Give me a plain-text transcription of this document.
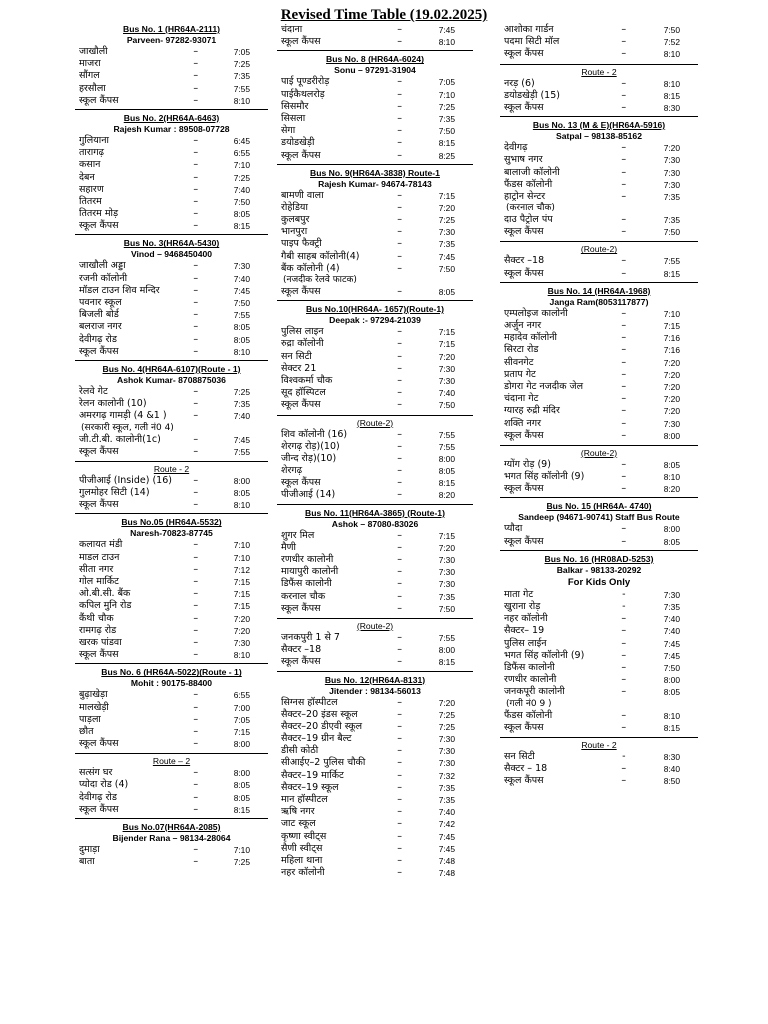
Revised Time Table (19.02.2025)
Bus No. 1 (HR64A-2111)
Parveen- 97282-93071
जाखौली	–	7:05
माजरा	–	7:25
सौंगल	–	7:35
हरसौला	–	7:55
स्कूल कैंपस	–	8:10
Bus No. 2(HR64A-6463)
Rajesh Kumar : 89508-07728
गुलियाना	–	6:45
तारागढ़	–	6:55
कसान	–	7:10
देबन	–	7:25
सहारण	–	7:40
तितरम	–	7:50
तितरम मोड़	–	8:05
स्कूल कैंपस	–	8:15
Bus No. 3(HR64A-5430)
Vinod – 9468450400
जाखौली अड्डा	–	7:30
रजनी कॉलोनी	–	7:40
मॉडल टाउन शिव मन्दिर	–	7:45
पवनार स्कूल	–	7:50
बिजली बोर्ड	–	7:55
बलराज नगर	–	8:05
देवीगढ़ रोड	–	8:05
स्कूल कैंपस	–	8:10
Bus No. 4(HR64A-6107)(Route - 1)
Ashok Kumar- 8708875036
रेलवे गेट	–	7:25
रेलन कालोनी (10)	–	7:35
अमरगढ़ गामड़ी (4 &1 )	–	7:40
(सरकारी स्कूल, गली नं0 4)
जी.टी.बी. कालोनी(1c)	–	7:45
स्कूल कैंपस	–	7:55
Route - 2
पीजीआई (Inside) (16) –	8:00
गुलमोहर सिटी (14)	–	8:05
स्कूल कैंपस	–	8:10
Bus No.05 (HR64A-5532)
Naresh-70823-87745
कलायत मंडी	–	7:10
माडल टाउन	–	7:10
सीता नगर	–	7:12
गोल मार्किट	–	7:15
ओ.बी.सी. बैंक	–	7:15
कपिल मुनि रोड	–	7:15
कैंथी चौक	–	7:20
रामगढ़ रोड	–	7:20
खरक पांडवा	–	7:30
स्कूल कैंपस	–	8:10
Bus No. 6 (HR64A-5022)(Route - 1)
Mohit : 90175-88400
बुढ़ाखेड़ा	–	6:55
मालखेड़ी	–	7:00
पाड़ला	–	7:05
छौत	–	7:15
स्कूल कैंपस	–	8:00
Route – 2
सत्संग घर	–	8:00
प्योदा रोड (4)	–	8:05
देवीगढ़ रोड	–	8:05
स्कूल कैंपस	–	8:15
Bus No.07(HR64A-2085)
Bijender Rana – 98134-28064
दुमाड़ा	–	7:10
बाता	–	7:25
चंदाना	–	7:45
स्कूल कैंपस	–	8:10
Bus No. 8 (HR64A-6024)
Sonu – 97291-31904
पाई पूण्डरीरोड़	–	7:05
पाईकैथलरोड़	–	7:10
सिसमौर	–	7:25
सिसला	–	7:35
सेगा	–	7:50
डयोडखेड़ी	–	8:15
स्कूल कैंपस	–	8:25
Bus No. 9(HR64A-3838) Route-1
Rajesh Kumar- 94674-78143
बामणी वाला	–	7:15
रोहेडिया	–	7:20
कुलबपुर	–	7:25
भानपुरा	–	7:30
पाइप फैक्ट्री	–	7:35
गैबी साहब कॉलोनी(4)	–	7:45
बैंक कॉलोनी (4)	–	7:50
(नजदीक रेलवे फाटक)
स्कूल कैंपस	–	8:05
Bus No.10(HR64A- 1657)(Route-1)
Deepak :- 97294-21039
पुलिस लाइन	–	7:15
रुद्रा कॉलोनी	–	7:15
सन सिटी	–	7:20
सेक्टर 21	–	7:30
विश्वकर्मा चौक	–	7:30
सूद हॉस्पिटल	–	7:40
स्कूल कैंपस	–	7:50
(Route-2)
शिव कॉलोनी (16)	–	7:55
शेरगढ़ रोड़)(10)	–	7:55
जीन्द रोड़)(10)	–	8:00
शेरगढ़	–	8:05
स्कूल कैंपस	–	8:15
पीजीआई (14)	–	8:20
Bus No. 11(HR64A-3865) (Route-1)
Ashok – 87080-83026
शुगर मिल	–	7:15
मैणी	–	7:20
रणधीर कालोनी	–	7:30
मायापुरी कालोनी	–	7:30
डिफैंस कालोनी	–	7:30
करनाल चौक	–	7:35
स्कूल कैंपस	–	7:50
(Route-2)
जनकपुरी 1 से 7	–	7:55
सैक्टर –18	–	8:00
स्कूल कैंपस	–	8:15
Bus No. 12(HR64A-8131)
Jitender : 98134-56013
सिग्नस हॉस्पीटल	–	7:20
सैक्टर–20 इंडस स्कूल	–	7:25
सैक्टर–20 डीएवी स्कूल	–	7:25
सैक्टर–19 ग्रीन बैल्ट	–	7:30
डीसी कोठी	–	7:30
सीआईए–2 पुलिस चौकी	–	7:30
सैक्टर–19 मार्किट	–	7:32
सैक्टर–19 स्कूल	–	7:35
मान हॉस्पीटल	–	7:35
ऋषि नगर	–	7:40
जाट स्कूल	–	7:42
कृष्णा स्वीट्स	–	7:45
सैणी स्वीट्स	–	7:45
महिला थाना	–	7:48
नहर कॉलोनी	–	7:48
आशोका गार्डन	–	7:50
पदमा सिटी मॉल	–	7:52
स्कूल कैंपस	–	8:10
Route - 2
नरड़ (6)	–	8:10
डयोडखेड़ी (15)	–	8:15
स्कूल कैंपस	–	8:30
Bus No. 13 (M & E)(HR64A-5916)
Satpal – 98138-85162
देवीगढ़	–	7:20
सुभाष नगर	–	7:30
बालाजी कॉलोनी	–	7:30
फैंडस कॉलोनी	–	7:30
हाट्रोन सेन्टर	–	7:35
(करनाल चौक)
दाउ पैट्रोल पंप	–	7:35
स्कूल कैंपस	–	7:50
(Route-2)
सैक्टर –18	–	7:55
स्कूल कैंपस	–	8:15
Bus No. 14 (HR64A-1968)
Janga Ram(8053117877)
एम्पलोइज कालोनी	–	7:10
अर्जुन नगर	–	7:15
महादेव कॉलोनी	–	7:16
सिरटा रोड	–	7:16
सीवनगेट	–	7:20
प्रताप गेट	–	7:20
डोगरा गेट नजदीक जेल	–	7:20
चंदाना गेट	–	7:20
ग्यारह रुद्री मंदिर	–	7:20
शक्ति नगर	–	7:30
स्कूल कैंपस	–	8:00
(Route-2)
ग्योंग रोड़ (9)	–	8:05
भगत सिंह कॉलोनी (9)	–	8:10
स्कूल कैंपस	–	8:20
Bus No. 15 (HR64A- 4740)
Sandeep (94671-90741) Staff Bus Route
प्यौदा	–	8:00
स्कूल कैंपस	–	8:05
Bus No. 16 (HR08AD-5253)
Balkar - 98133-20292
For Kids Only
माता गेट	-	7:30
खुराना रोड़	-	7:35
नहर कॉलोनी	–	7:40
सैक्टर– 19	–	7:40
पुलिस लाईन	–	7:45
भगत सिंह कॉलोनी (9)	–	7:45
डिफैंस कालोनी	–	7:50
रणधीर कालोनी	–	8:00
जनकपूरी कालोनी	–	8:05
(गली नं0 9 )
फैंडस कॉलोनी	–	8:10
स्कूल कैंपस	–	8:15
Route - 2
सन सिटी	-	8:30
सैक्टर – 18	–	8:40
स्कूल कैंपस	–	8:50
